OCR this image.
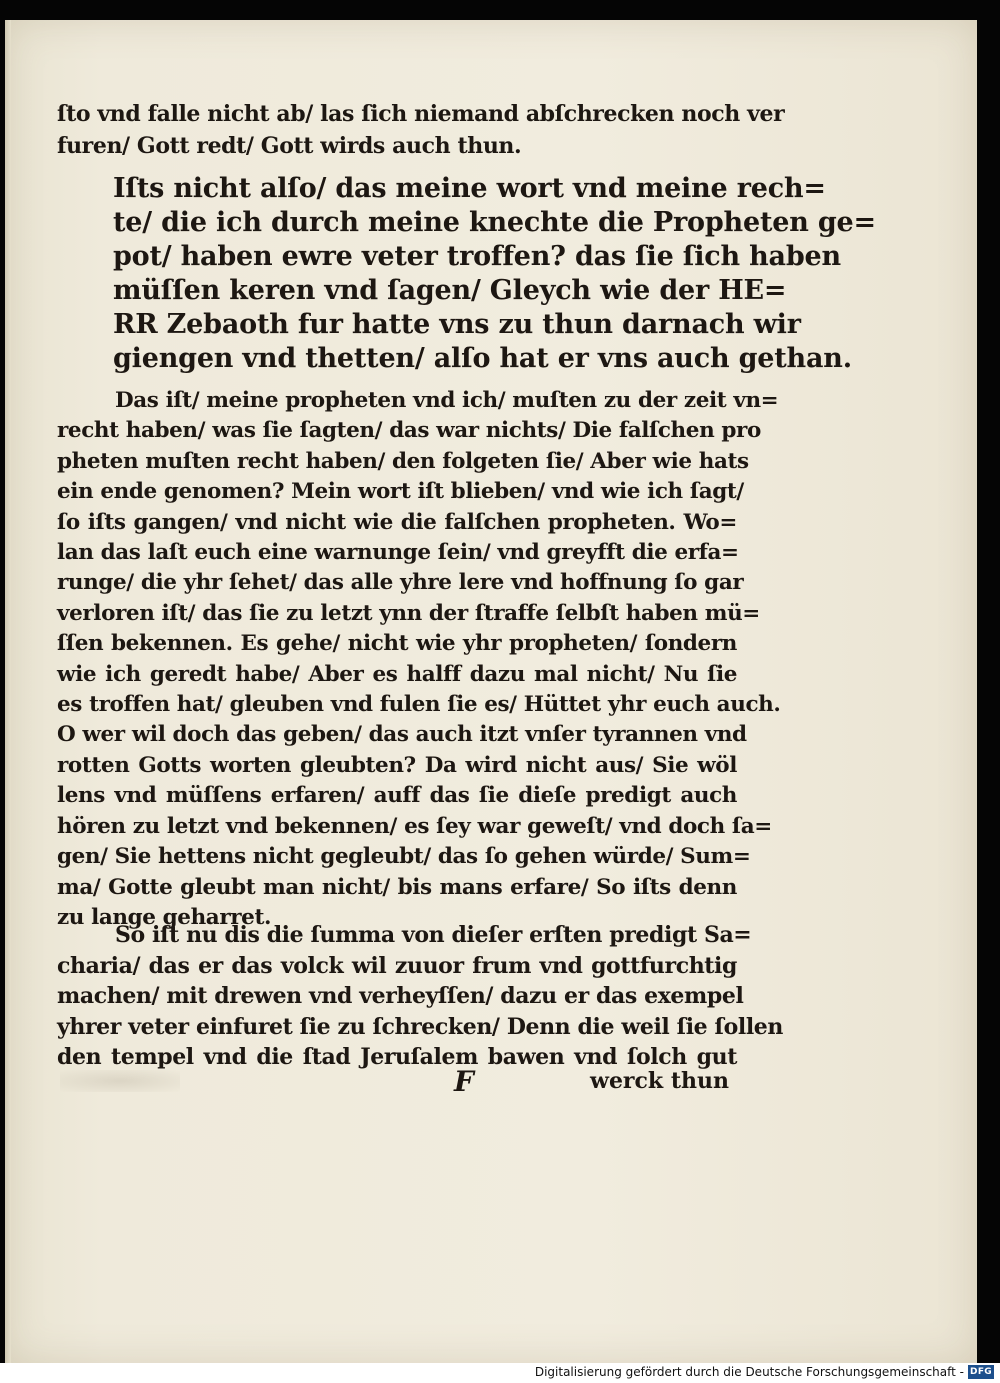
ſto vnd falle nicht ab/ las ſich niemand abſchrecken noch ver
furen/ Gott redt/ Gott wirds auch thun.
Iſts nicht alſo/ das meine wort vnd meine rech=
te/ die ich durch meine knechte die Propheten ge=
pot/ haben ewre veter troffen? das ſie ſich haben
müſſen keren vnd ſagen/ Gleych wie der HE=
RR Zebaoth fur hatte vns zu thun darnach wir
giengen vnd thetten/ alſo hat er vns auch gethan.
Das iſt/ meine propheten vnd ich/ muſten zu der zeit vn=
recht haben/ was ſie ſagten/ das war nichts/ Die falſchen pro
pheten muſten recht haben/ den folgeten ſie/ Aber wie hats
ein ende genomen? Mein wort iſt blieben/ vnd wie ich ſagt/
ſo iſts gangen/ vnd nicht wie die falſchen propheten. Wo=
lan das laſt euch eine warnunge ſein/ vnd greyfft die erfa=
runge/ die yhr ſehet/ das alle yhre lere vnd hoffnung ſo gar
verloren iſt/ das ſie zu letzt ynn der ſtraffe ſelbſt haben mü=
ſſen bekennen. Es gehe/ nicht wie yhr propheten/ ſondern
wie ich geredt habe/ Aber es halff dazu mal nicht/ Nu ſie
es troffen hat/ gleuben vnd fulen ſie es/ Hüttet yhr euch auch.
O wer wil doch das geben/ das auch itzt vnſer tyrannen vnd
rotten Gotts worten gleubten? Da wird nicht aus/ Sie wöl
lens vnd müſſens erfaren/ auff das ſie dieſe predigt auch
hören zu letzt vnd bekennen/ es ſey war geweſt/ vnd doch ſa=
gen/ Sie hettens nicht gegleubt/ das ſo gehen würde/ Sum=
ma/ Gotte gleubt man nicht/ bis mans erfare/ So iſts denn
zu lange geharret.
So iſt nu dis die ſumma von dieſer erſten predigt Sa=
charia/ das er das volck wil zuuor frum vnd gottfurchtig
machen/ mit drewen vnd verheyſſen/ dazu er das exempel
yhrer veter einfuret ſie zu ſchrecken/ Denn die weil ſie ſollen
den tempel vnd die ſtad Jeruſalem bawen vnd ſolch gut
F	werck thun
Digitalisierung gefördert durch die Deutsche Forschungsgemeinschaft - DFG
